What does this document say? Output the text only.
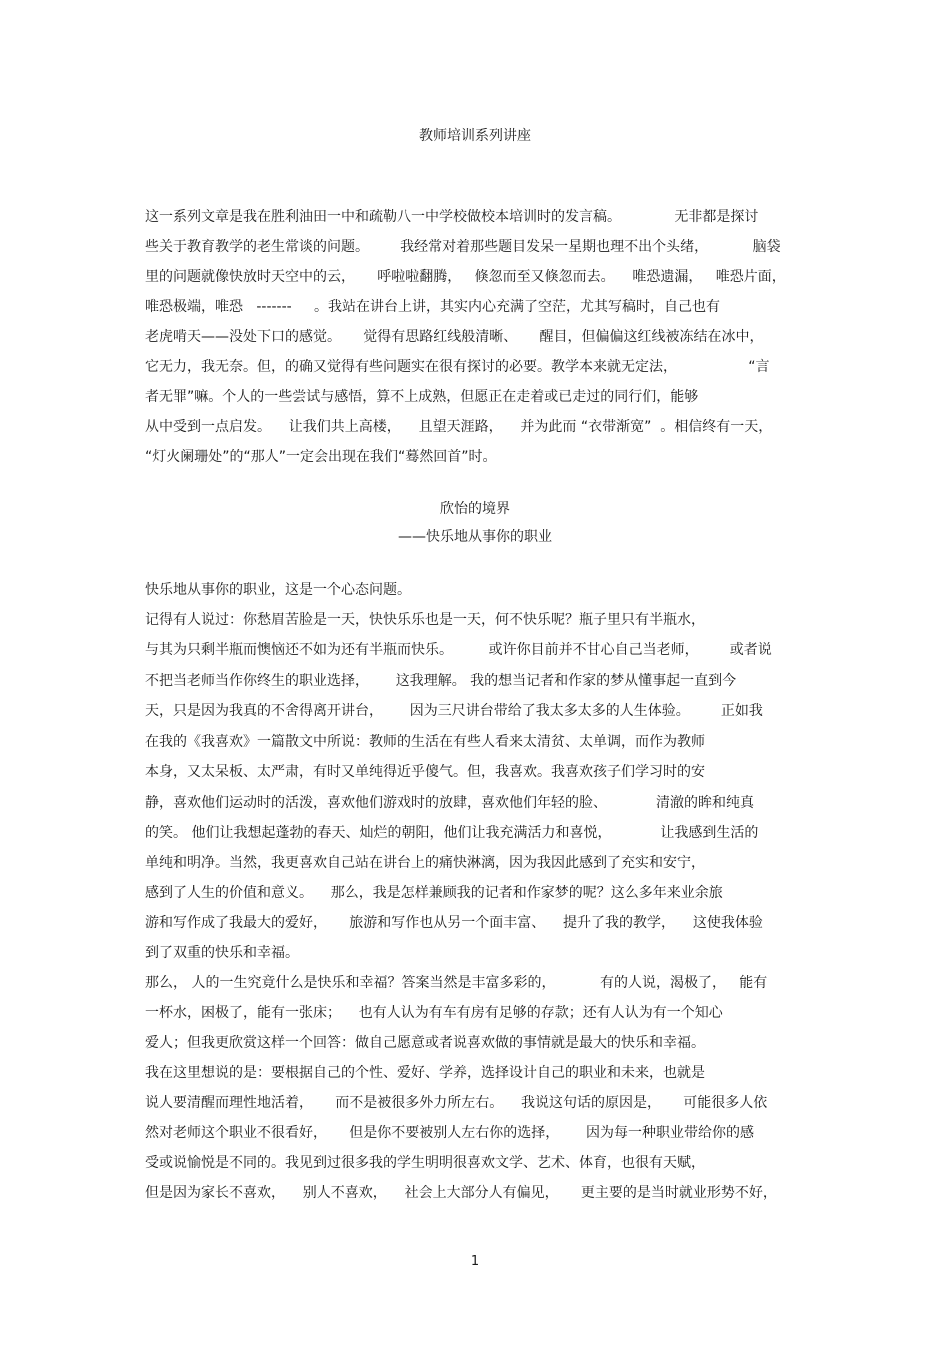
教师培训系列讲座
这一系列文章是我在胜利油田一中和疏勒八一中学校做校本培训时的发言稿。            无非都是探讨
些关于教育教学的老生常谈的问题。       我经常对着那些题目发呆一星期也理不出个头绪，          脑袋
里的问题就像快放时天空中的云，     呼啦啦翻腾，   倏忽而至又倏忽而去。    唯恐遗漏，   唯恐片面，
唯恐极端，唯恐   -------     。我站在讲台上讲，其实内心充满了空茫，尤其写稿时，自己也有
老虎啃天——没处下口的感觉。     觉得有思路红线般清晰、     醒目，但偏偏这红线被冻结在冰中，
它无力，我无奈。但，的确又觉得有些问题实在很有探讨的必要。教学本来就无定法，                “言
者无罪”嘛。个人的一些尝试与感悟，算不上成熟，但愿正在走着或已走过的同行们，能够
从中受到一点启发。    让我们共上高楼，    且望天涯路，    并为此而 “衣带渐宽”  。相信终有一天，
“灯火阑珊处”的“那人”一定会出现在我们“蓦然回首”时。
欣怡的境界
——快乐地从事你的职业
快乐地从事你的职业，这是一个心态问题。
记得有人说过：你愁眉苦脸是一天，快快乐乐也是一天，何不快乐呢？瓶子里只有半瓶水，
与其为只剩半瓶而懊恼还不如为还有半瓶而快乐。        或许你目前并不甘心自己当老师，       或者说
不把当老师当作你终生的职业选择，      这我理解。 我的想当记者和作家的梦从懂事起一直到今
天，只是因为我真的不舍得离开讲台，      因为三尺讲台带给了我太多太多的人生体验。       正如我
在我的《我喜欢》一篇散文中所说：教师的生活在有些人看来太清贫、太单调，而作为教师
本身，又太呆板、太严肃，有时又单纯得近乎傻气。但，我喜欢。我喜欢孩子们学习时的安
静，喜欢他们运动时的活泼，喜欢他们游戏时的放肆，喜欢他们年轻的脸、           清澈的眸和纯真
的笑。 他们让我想起蓬勃的春天、灿烂的朝阳，他们让我充满活力和喜悦，           让我感到生活的
单纯和明净。当然，我更喜欢自己站在讲台上的痛快淋漓，因为我因此感到了充实和安宁，
感到了人生的价值和意义。    那么，我是怎样兼顾我的记者和作家梦的呢？这么多年来业余旅
游和写作成了我最大的爱好，     旅游和写作也从另一个面丰富、    提升了我的教学，    这使我体验
到了双重的快乐和幸福。
那么， 人的一生究竟什么是快乐和幸福？答案当然是丰富多彩的，          有的人说，渴极了，   能有
一杯水，困极了，能有一张床；    也有人认为有车有房有足够的存款；还有人认为有一个知心
爱人；但我更欣赏这样一个回答：做自己愿意或者说喜欢做的事情就是最大的快乐和幸福。
我在这里想说的是：要根据自己的个性、爱好、学养，选择设计自己的职业和未来，也就是
说人要清醒而理性地活着，     而不是被很多外力所左右。    我说这句话的原因是，     可能很多人依
然对老师这个职业不很看好，     但是你不要被别人左右你的选择，      因为每一种职业带给你的感
受或说愉悦是不同的。我见到过很多我的学生明明很喜欢文学、艺术、体育，也很有天赋，
但是因为家长不喜欢，    别人不喜欢，    社会上大部分人有偏见，     更主要的是当时就业形势不好，
1
